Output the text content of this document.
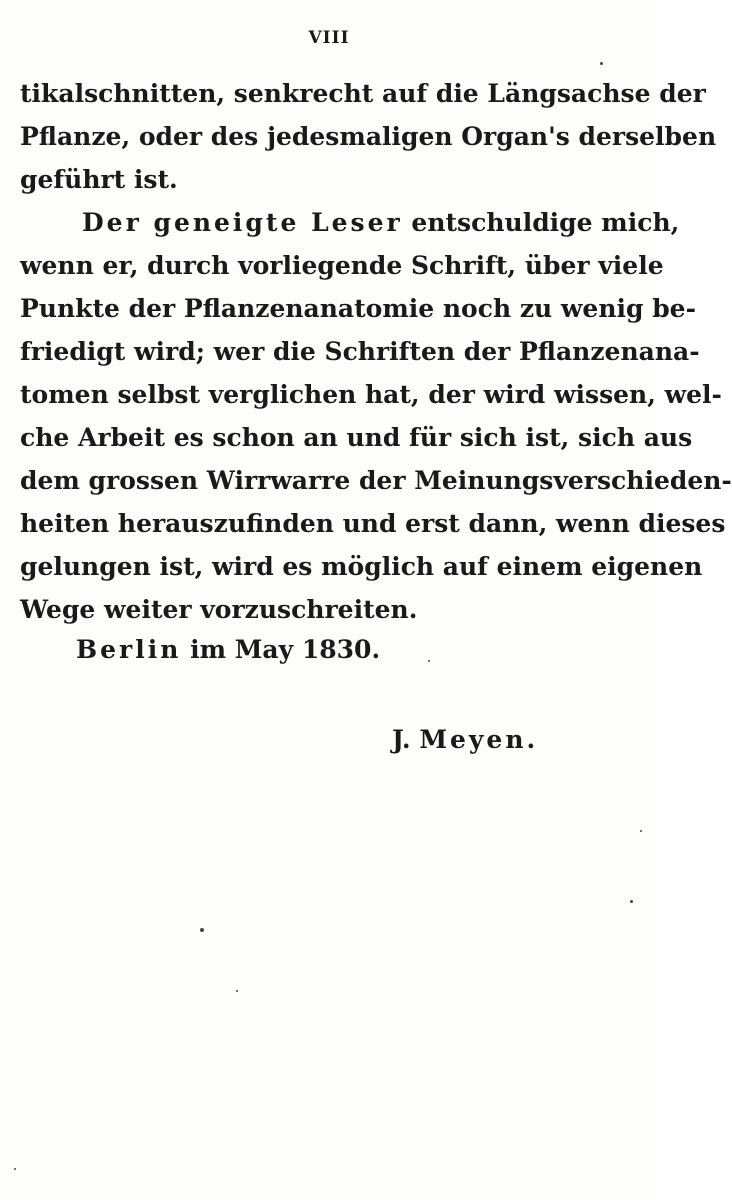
VIII
tikalschnitten, senkrecht auf die Längsachse der
Pflanze, oder des jedesmaligen Organ's derselben
geführt ist.
Der geneigte Leser entschuldige mich,
wenn er, durch vorliegende Schrift, über viele
Punkte der Pflanzenanatomie noch zu wenig be-
friedigt wird; wer die Schriften der Pflanzenana-
tomen selbst verglichen hat, der wird wissen, wel-
che Arbeit es schon an und für sich ist, sich aus
dem grossen Wirrwarre der Meinungsverschieden-
heiten herauszufinden und erst dann, wenn dieses
gelungen ist, wird es möglich auf einem eigenen
Wege weiter vorzuschreiten.
Berlin im May 1830.
J. Meyen.
